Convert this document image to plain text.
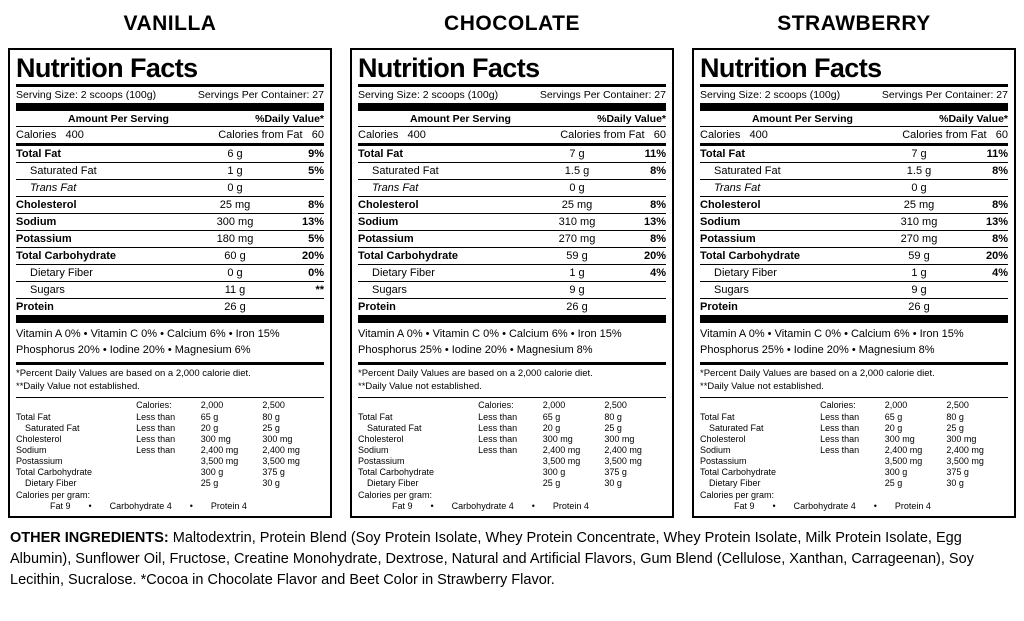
VANILLA
Nutrition Facts
Serving Size: 2 scoops (100g)	Servings Per Container: 27
Amount Per Serving	%Daily Value*
Calories 400	Calories from Fat 60
Total Fat	6 g	9%
Saturated Fat	1 g	5%
Trans Fat	0 g
Cholesterol	25 mg	8%
Sodium	300 mg	13%
Potassium	180 mg	5%
Total Carbohydrate	60 g	20%
Dietary Fiber	0 g	0%
Sugars	11 g	**
Protein	26 g
Vitamin A 0% • Vitamin C 0% • Calcium 6% • Iron 15%
Phosphorus 20% • Iodine 20% • Magnesium 6%
*Percent Daily Values are based on a 2,000 calorie diet.
**Daily Value not established.
	Calories:	2,000	2,500
Total Fat	Less than	65 g	80 g
Saturated Fat	Less than	20 g	25 g
Cholesterol	Less than	300 mg	300 mg
Sodium	Less than	2,400 mg	2,400 mg
Postassium		3,500 mg	3,500 mg
Total Carbohydrate		300 g	375 g
Dietary Fiber		25 g	30 g
Calories per gram:
Fat 9 • Carbohydrate 4 • Protein 4
CHOCOLATE
Nutrition Facts
Serving Size: 2 scoops (100g)	Servings Per Container: 27
Amount Per Serving	%Daily Value*
Calories 400	Calories from Fat 60
Total Fat	7 g	11%
Saturated Fat	1.5 g	8%
Trans Fat	0 g
Cholesterol	25 mg	8%
Sodium	310 mg	13%
Potassium	270 mg	8%
Total Carbohydrate	59 g	20%
Dietary Fiber	1 g	4%
Sugars	9 g
Protein	26 g
Vitamin A 0% • Vitamin C 0% • Calcium 6% • Iron 15%
Phosphorus 25% • Iodine 20% • Magnesium 8%
*Percent Daily Values are based on a 2,000 calorie diet.
**Daily Value not established.
	Calories:	2,000	2,500
Total Fat	Less than	65 g	80 g
Saturated Fat	Less than	20 g	25 g
Cholesterol	Less than	300 mg	300 mg
Sodium	Less than	2,400 mg	2,400 mg
Postassium		3,500 mg	3,500 mg
Total Carbohydrate		300 g	375 g
Dietary Fiber		25 g	30 g
Calories per gram:
Fat 9 • Carbohydrate 4 • Protein 4
STRAWBERRY
Nutrition Facts
Serving Size: 2 scoops (100g)	Servings Per Container: 27
Amount Per Serving	%Daily Value*
Calories 400	Calories from Fat 60
Total Fat	7 g	11%
Saturated Fat	1.5 g	8%
Trans Fat	0 g
Cholesterol	25 mg	8%
Sodium	310 mg	13%
Potassium	270 mg	8%
Total Carbohydrate	59 g	20%
Dietary Fiber	1 g	4%
Sugars	9 g
Protein	26 g
Vitamin A 0% • Vitamin C 0% • Calcium 6% • Iron 15%
Phosphorus 25% • Iodine 20% • Magnesium 8%
*Percent Daily Values are based on a 2,000 calorie diet.
**Daily Value not established.
	Calories:	2,000	2,500
Total Fat	Less than	65 g	80 g
Saturated Fat	Less than	20 g	25 g
Cholesterol	Less than	300 mg	300 mg
Sodium	Less than	2,400 mg	2,400 mg
Postassium		3,500 mg	3,500 mg
Total Carbohydrate		300 g	375 g
Dietary Fiber		25 g	30 g
Calories per gram:
Fat 9 • Carbohydrate 4 • Protein 4
OTHER INGREDIENTS: Maltodextrin, Protein Blend (Soy Protein Isolate, Whey Protein Concentrate, Whey Protein Isolate, Milk Protein Isolate, Egg Albumin), Sunflower Oil, Fructose, Creatine Monohydrate, Dextrose, Natural and Artificial Flavors, Gum Blend (Cellulose, Xanthan, Carrageenan), Soy Lecithin, Sucralose. *Cocoa in Chocolate Flavor and Beet Color in Strawberry Flavor.
